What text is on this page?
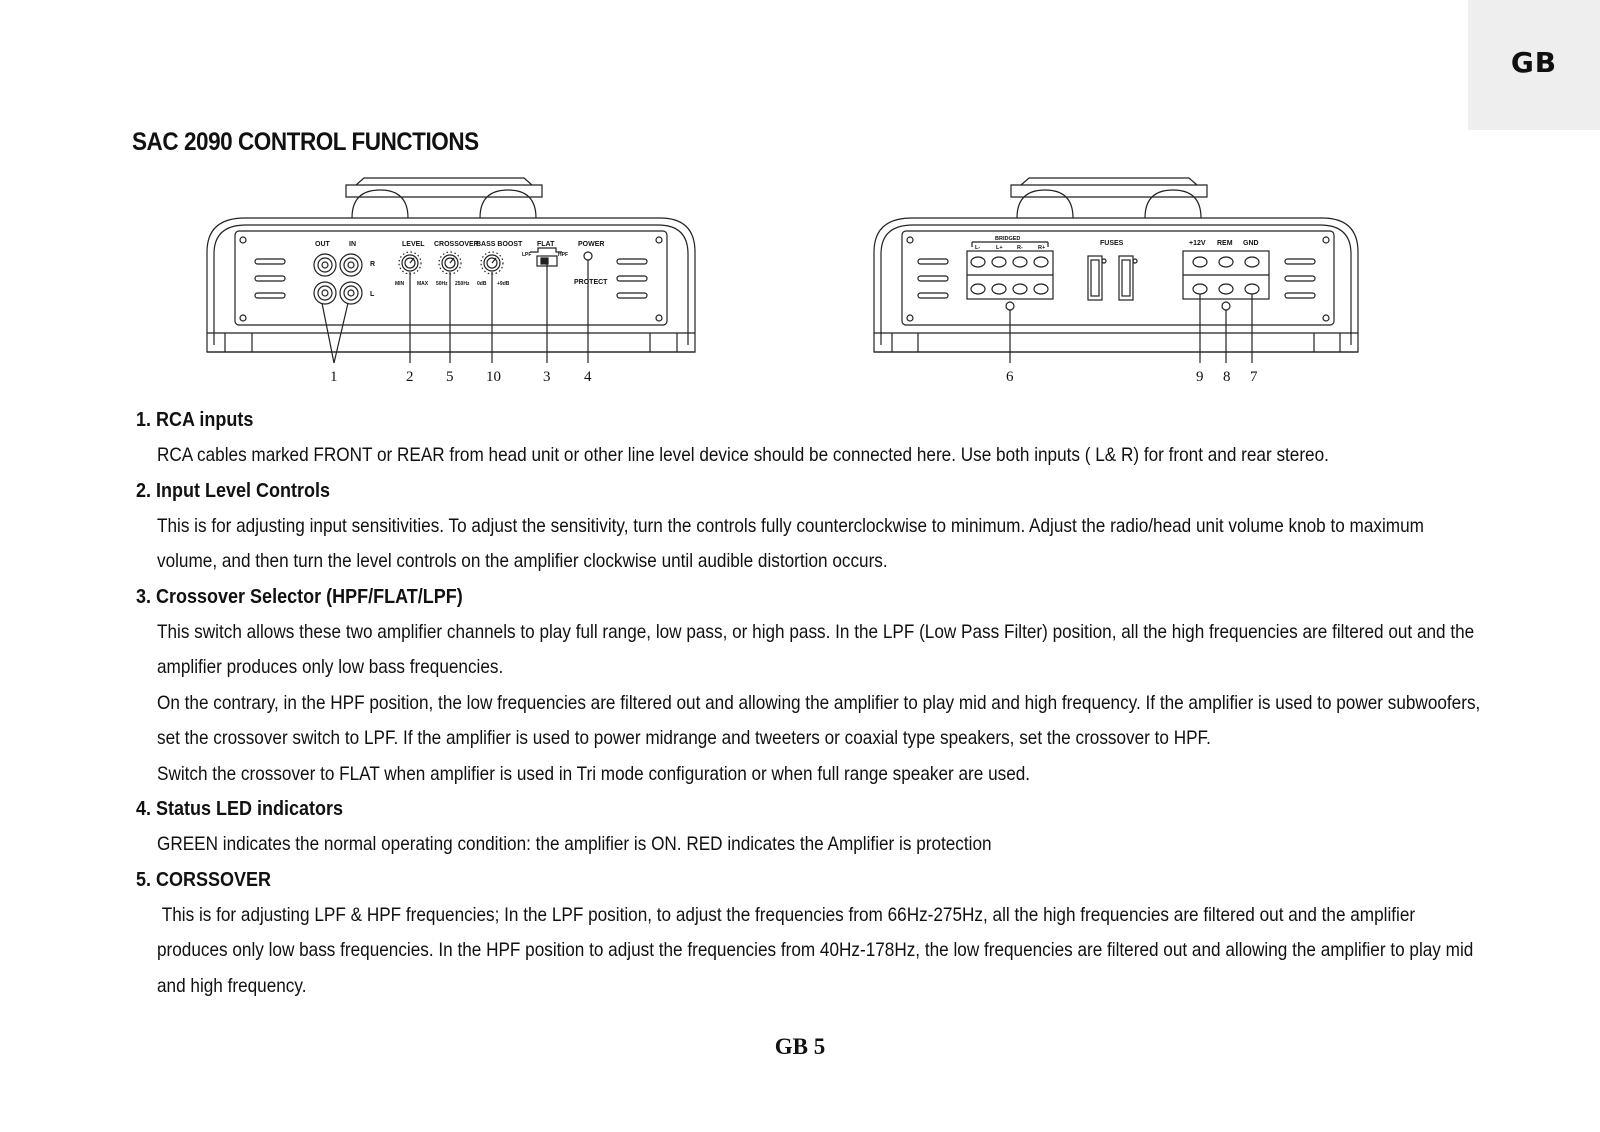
GB
SAC 2090 CONTROL FUNCTIONS
OUT	IN
R
L
LEVEL CROSSOVER
BASS BOOST FLAT	POWER
LPF	HPF
MIN	MAX 50Hz 250Hz 0dB +9dB	PROTECT
1	2 5 10	3 4
BRIDGED
L-	L+	R-	R+
FUSES	+12V REM GND
6	9 8 7
1. RCA inputs
RCA cables marked FRONT or REAR from head unit or other line level device should be connected here. Use both inputs ( L& R) for front and rear stereo.
2. Input Level Controls
This is for adjusting input sensitivities. To adjust the sensitivity, turn the controls fully counterclockwise to minimum. Adjust the radio/head unit volume knob to maximum volume, and then turn the level controls on the amplifier clockwise until audible distortion occurs.
3. Crossover Selector (HPF/FLAT/LPF)
This switch allows these two amplifier channels to play full range, low pass, or high pass. In the LPF (Low Pass Filter) position, all the high frequencies are filtered out and the amplifier produces only low bass frequencies.
On the contrary, in the HPF position, the low frequencies are filtered out and allowing the amplifier to play mid and high frequency. If the amplifier is used to power subwoofers, set the crossover switch to LPF. If the amplifier is used to power midrange and tweeters or coaxial type speakers, set the crossover to HPF.
Switch the crossover to FLAT when amplifier is used in Tri mode configuration or when full range speaker are used.
4. Status LED indicators
GREEN indicates the normal operating condition: the amplifier is ON. RED indicates the Amplifier is protection
5. CORSSOVER
This is for adjusting LPF & HPF frequencies; In the LPF position, to adjust the frequencies from 66Hz-275Hz, all the high frequencies are filtered out and the amplifier produces only low bass frequencies. In the HPF position to adjust the frequencies from 40Hz-178Hz, the low frequencies are filtered out and allowing the amplifier to play mid and high frequency.
GB 5
